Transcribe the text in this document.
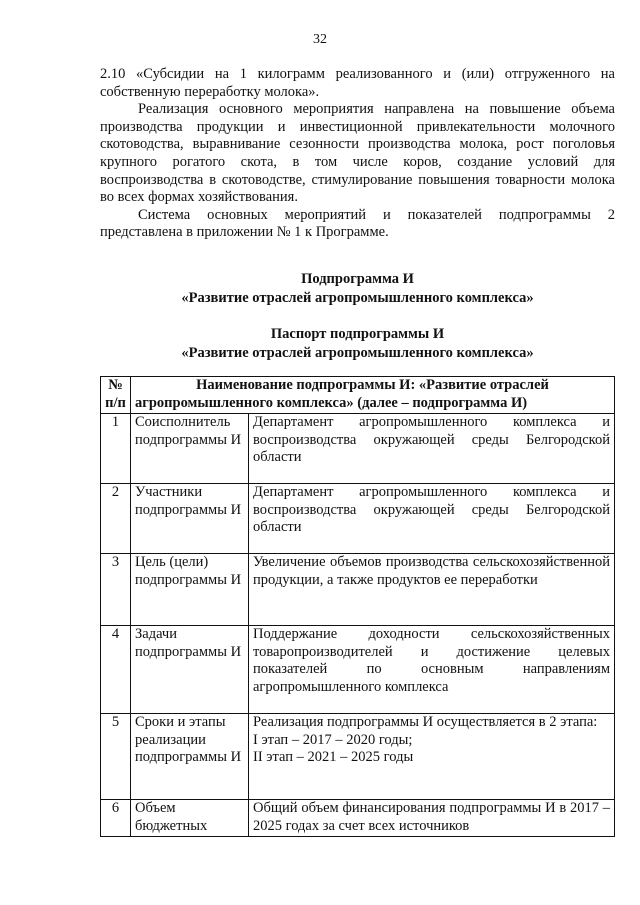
32

2.10 «Субсидии на 1 килограмм реализованного и (или) отгруженного на собственную переработку молока».

Реализация основного мероприятия направлена на повышение объема производства продукции и инвестиционной привлекательности молочного скотоводства, выравнивание сезонности производства молока, рост поголовья крупного рогатого скота, в том числе коров, создание условий для воспроизводства в скотоводстве, стимулирование повышения товарности молока во всех формах хозяйствования.

Система основных мероприятий и показателей подпрограммы 2 представлена в приложении № 1 к Программе.

Подпрограмма И
«Развитие отраслей агропромышленного комплекса»
Паспорт подпрограммы И
«Развитие отраслей агропромышленного комплекса»
№ п/п	Наименование подпрограммы И: «Развитие отраслей агропромышленного комплекса» (далее – подпрограмма И)	
1	Соисполнитель подпрограммы И	Департамент агропромышленного комплекса и воспроизводства окружающей среды Белгородской области
2	Участники подпрограммы И	Департамент агропромышленного комплекса и воспроизводства окружающей среды Белгородской области
3	Цель (цели) подпрограммы И	Увеличение объемов производства сельскохозяйственной продукции, а также продуктов ее переработки
4	Задачи подпрограммы И	Поддержание доходности сельскохозяйственных товаропроизводителей и достижение целевых показателей по основным направлениям агропромышленного комплекса
5	Сроки и этапы реализации подпрограммы И	Реализация подпрограммы И осуществляется в 2 этапа:
I этап – 2017 – 2020 годы;
II этап – 2021 – 2025 годы

6	Объем бюджетных	Общий объем финансирования подпрограммы И в 2017 – 2025 годах за счет всех источников
